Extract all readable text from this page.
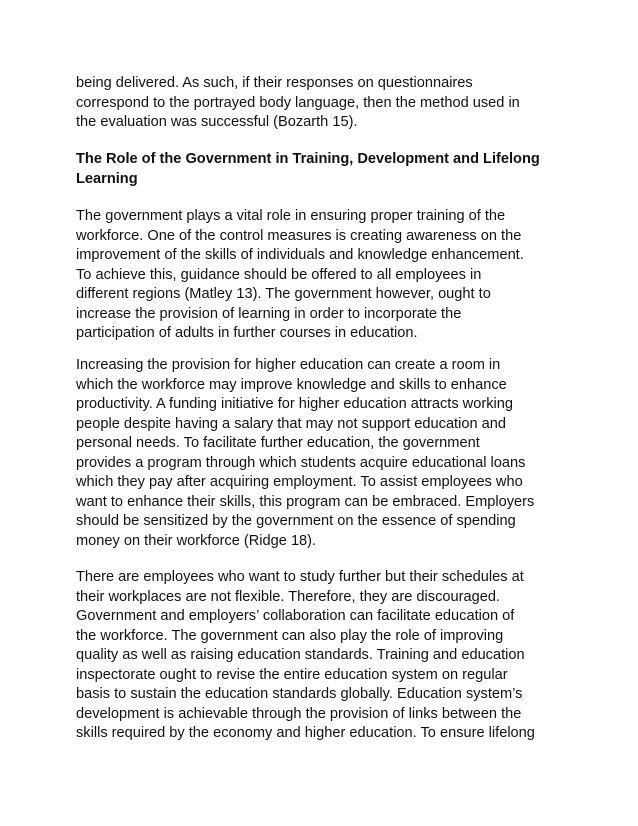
being delivered. As such, if their responses on questionnaires
correspond to the portrayed body language, then the method used in
the evaluation was successful (Bozarth 15).
The Role of the Government in Training, Development and Lifelong
Learning
The government plays a vital role in ensuring proper training of the
workforce. One of the control measures is creating awareness on the
improvement of the skills of individuals and knowledge enhancement.
To achieve this, guidance should be offered to all employees in
different regions (Matley 13). The government however, ought to
increase the provision of learning in order to incorporate the
participation of adults in further courses in education.
Increasing the provision for higher education can create a room in
which the workforce may improve knowledge and skills to enhance
productivity. A funding initiative for higher education attracts working
people despite having a salary that may not support education and
personal needs. To facilitate further education, the government
provides a program through which students acquire educational loans
which they pay after acquiring employment. To assist employees who
want to enhance their skills, this program can be embraced. Employers
should be sensitized by the government on the essence of spending
money on their workforce (Ridge 18).
There are employees who want to study further but their schedules at
their workplaces are not flexible. Therefore, they are discouraged.
Government and employers’ collaboration can facilitate education of
the workforce. The government can also play the role of improving
quality as well as raising education standards. Training and education
inspectorate ought to revise the entire education system on regular
basis to sustain the education standards globally. Education system’s
development is achievable through the provision of links between the
skills required by the economy and higher education. To ensure lifelong
